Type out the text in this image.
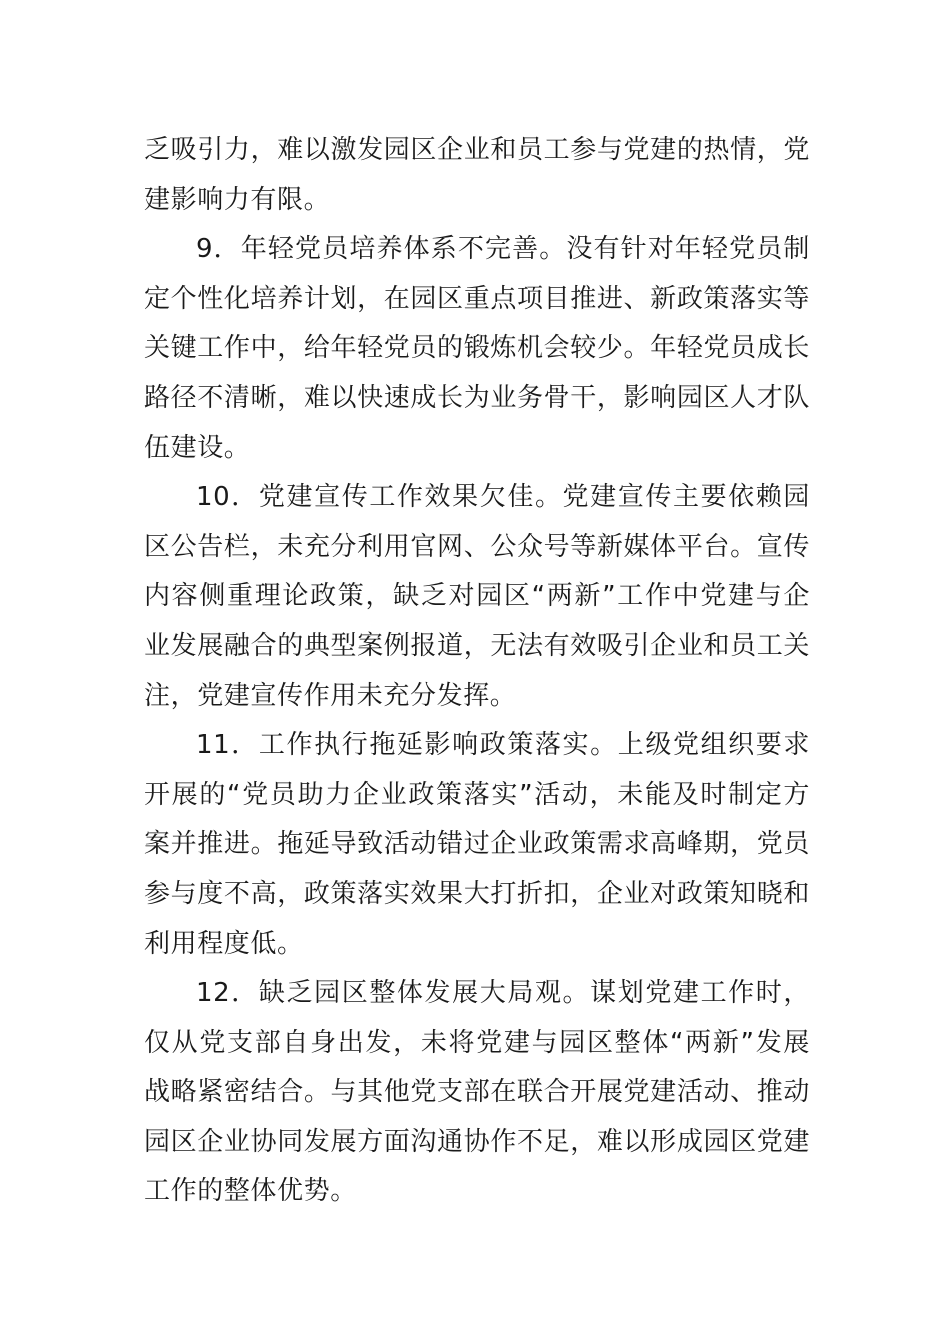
乏吸引力，难以激发园区企业和员工参与党建的热情，党建影响力有限。

9．年轻党员培养体系不完善。没有针对年轻党员制定个性化培养计划，在园区重点项目推进、新政策落实等关键工作中，给年轻党员的锻炼机会较少。年轻党员成长路径不清晰，难以快速成长为业务骨干，影响园区人才队伍建设。

10．党建宣传工作效果欠佳。党建宣传主要依赖园区公告栏，未充分利用官网、公众号等新媒体平台。宣传内容侧重理论政策，缺乏对园区“两新”工作中党建与企业发展融合的典型案例报道，无法有效吸引企业和员工关注，党建宣传作用未充分发挥。

11．工作执行拖延影响政策落实。上级党组织要求开展的“党员助力企业政策落实”活动，未能及时制定方案并推进。拖延导致活动错过企业政策需求高峰期，党员参与度不高，政策落实效果大打折扣，企业对政策知晓和利用程度低。

12．缺乏园区整体发展大局观。谋划党建工作时，仅从党支部自身出发，未将党建与园区整体“两新”发展战略紧密结合。与其他党支部在联合开展党建活动、推动园区企业协同发展方面沟通协作不足，难以形成园区党建工作的整体优势。
